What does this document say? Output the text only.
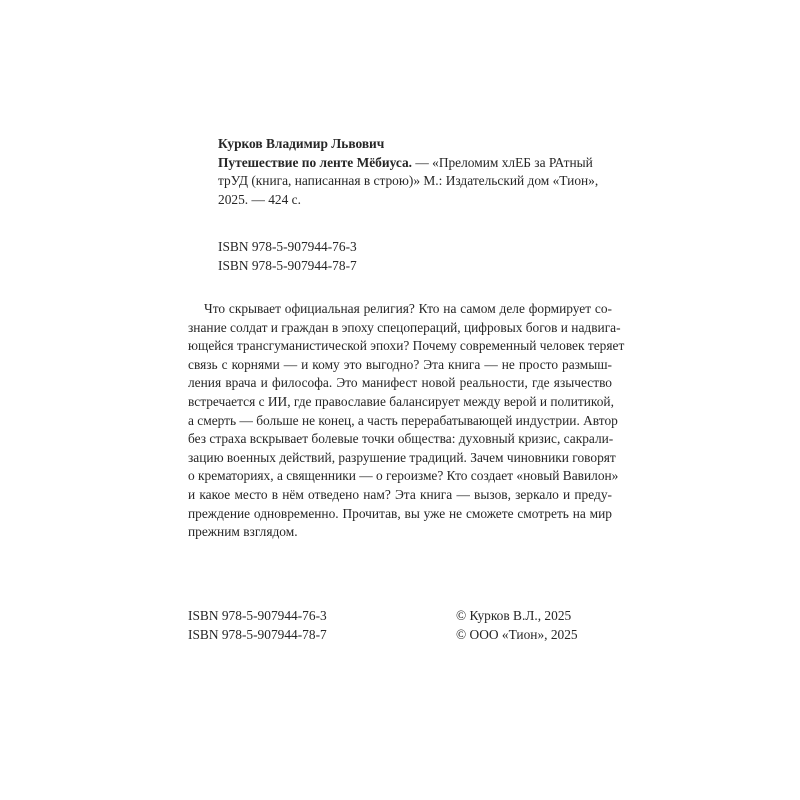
Курков Владимир Львович
Путешествие по ленте Мёбиуса. — «Преломим хлЕБ за РАтный
трУД (книга, написанная в строю)» М.: Издательский дом «Тион»,
2025. — 424 с.
ISBN 978-5-907944-76-3
ISBN 978-5-907944-78-7
Что скрывает официальная религия? Кто на самом деле формирует со-
знание солдат и граждан в эпоху спецопераций, цифровых богов и надвига-
ющейся трансгуманистической эпохи? Почему современный человек теряет
связь с корнями — и кому это выгодно? Эта книга — не просто размыш-
ления врача и философа. Это манифест новой реальности, где язычество
встречается с ИИ, где православие балансирует между верой и политикой,
а смерть — больше не конец, а часть перерабатывающей индустрии. Автор
без страха вскрывает болевые точки общества: духовный кризис, сакрали-
зацию военных действий, разрушение традиций. Зачем чиновники говорят
о крематориях, а священники — о героизме? Кто создает «новый Вавилон»
и какое место в нём отведено нам? Эта книга — вызов, зеркало и преду-
преждение одновременно. Прочитав, вы уже не сможете смотреть на мир
прежним взглядом.
ISBN 978-5-907944-76-3
ISBN 978-5-907944-78-7
© Курков В.Л., 2025
© ООО «Тион», 2025
